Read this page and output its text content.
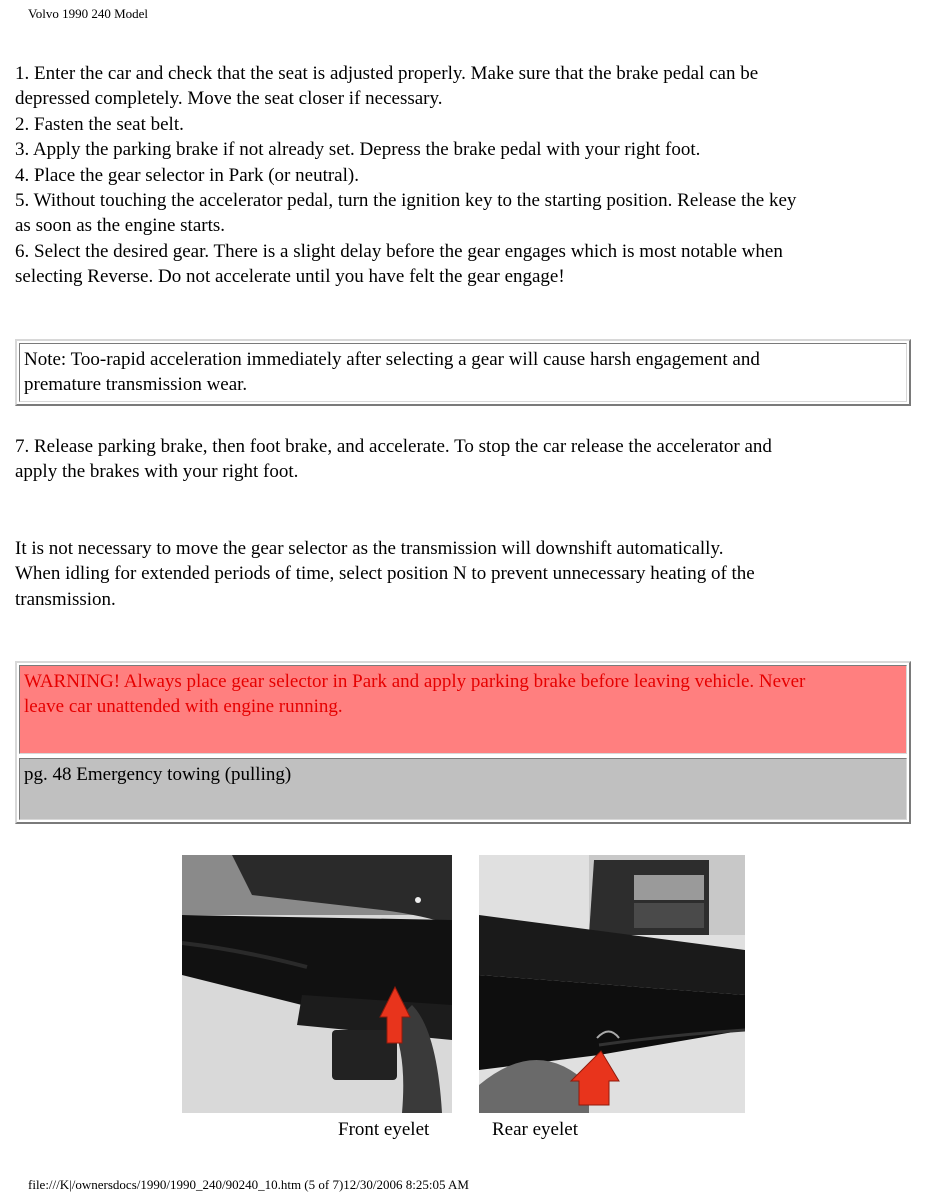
Volvo 1990 240 Model
1. Enter the car and check that the seat is adjusted properly. Make sure that the brake pedal can be
depressed completely. Move the seat closer if necessary.
2. Fasten the seat belt.
3. Apply the parking brake if not already set. Depress the brake pedal with your right foot.
4. Place the gear selector in Park (or neutral).
5. Without touching the accelerator pedal, turn the ignition key to the starting position. Release the key
as soon as the engine starts.
6. Select the desired gear. There is a slight delay before the gear engages which is most notable when
selecting Reverse. Do not accelerate until you have felt the gear engage!
Note: Too-rapid acceleration immediately after selecting a gear will cause harsh engagement and
premature transmission wear.
7. Release parking brake, then foot brake, and accelerate. To stop the car release the accelerator and
apply the brakes with your right foot.
It is not necessary to move the gear selector as the transmission will downshift automatically.
When idling for extended periods of time, select position N to prevent unnecessary heating of the
transmission.
WARNING! Always place gear selector in Park and apply parking brake before leaving vehicle. Never
leave car unattended with engine running.
pg. 48 Emergency towing (pulling)
Front eyelet	Rear eyelet
file:///K|/ownersdocs/1990/1990_240/90240_10.htm (5 of 7)12/30/2006 8:25:05 AM
